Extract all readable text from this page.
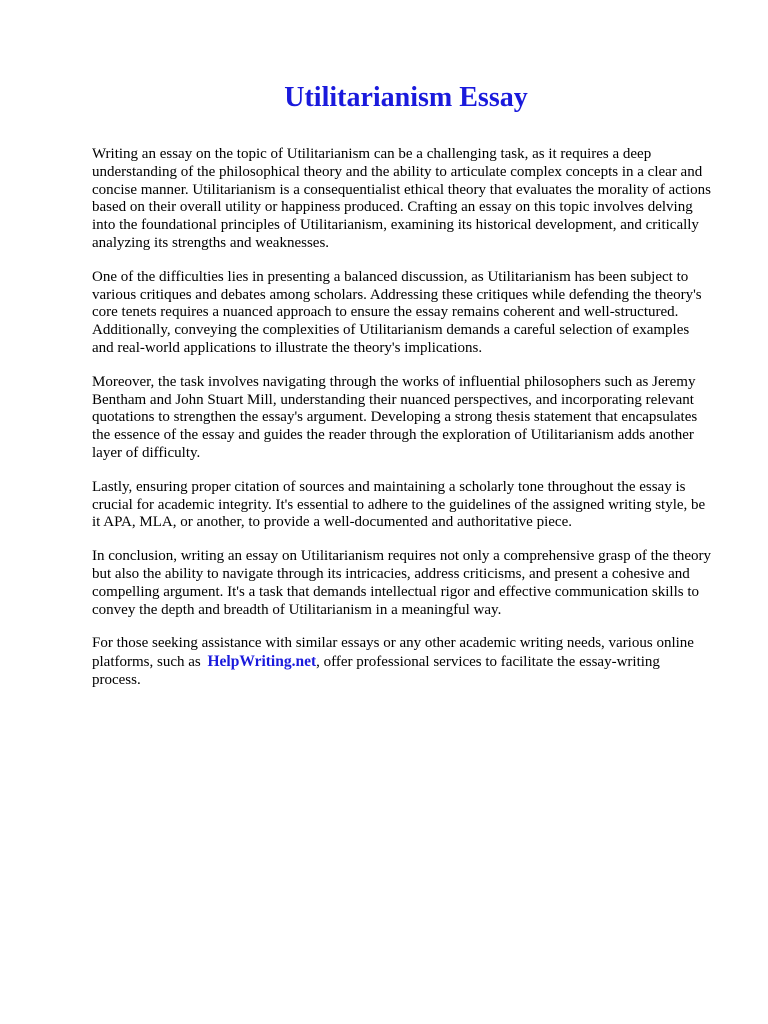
Utilitarianism Essay

Writing an essay on the topic of Utilitarianism can be a challenging task, as it requires a deep understanding of the philosophical theory and the ability to articulate complex concepts in a clear and concise manner. Utilitarianism is a consequentialist ethical theory that evaluates the morality of actions based on their overall utility or happiness produced. Crafting an essay on this topic involves delving into the foundational principles of Utilitarianism, examining its historical development, and critically analyzing its strengths and weaknesses.

One of the difficulties lies in presenting a balanced discussion, as Utilitarianism has been subject to various critiques and debates among scholars. Addressing these critiques while defending the theory's core tenets requires a nuanced approach to ensure the essay remains coherent and well-structured. Additionally, conveying the complexities of Utilitarianism demands a careful selection of examples and real-world applications to illustrate the theory's implications.

Moreover, the task involves navigating through the works of influential philosophers such as Jeremy Bentham and John Stuart Mill, understanding their nuanced perspectives, and incorporating relevant quotations to strengthen the essay's argument. Developing a strong thesis statement that encapsulates the essence of the essay and guides the reader through the exploration of Utilitarianism adds another layer of difficulty.

Lastly, ensuring proper citation of sources and maintaining a scholarly tone throughout the essay is crucial for academic integrity. It's essential to adhere to the guidelines of the assigned writing style, be it APA, MLA, or another, to provide a well-documented and authoritative piece.

In conclusion, writing an essay on Utilitarianism requires not only a comprehensive grasp of the theory but also the ability to navigate through its intricacies, address criticisms, and present a cohesive and compelling argument. It's a task that demands intellectual rigor and effective communication skills to convey the depth and breadth of Utilitarianism in a meaningful way.

For those seeking assistance with similar essays or any other academic writing needs, various online platforms, such as HelpWriting.net, offer professional services to facilitate the essay-writing process.
